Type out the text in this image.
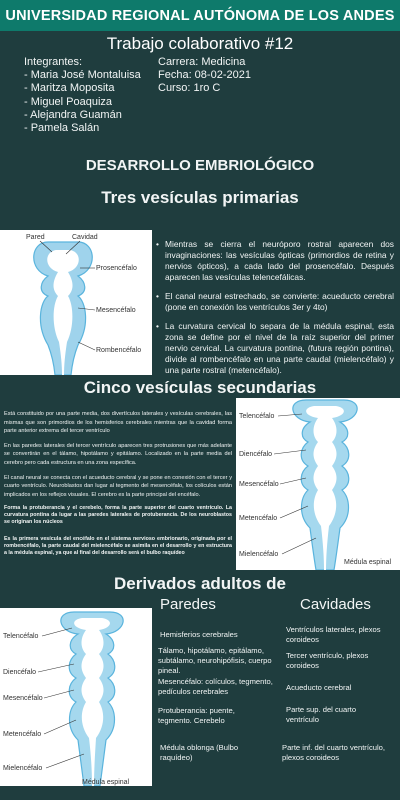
UNIVERSIDAD REGIONAL AUTÓNOMA DE LOS ANDES
Trabajo colaborativo #12
Integrantes:
- Maria José Montaluisa
- Maritza Moposita
- Miguel Poaquiza
- Alejandra Guamán
- Pamela Salán
Carrera: Medicina
Fecha: 08-02-2021
Curso: 1ro C
DESARROLLO EMBRIOLÓGICO
Tres vesículas primarias
Pared	Cavidad
Prosencéfalo
Mesencéfalo
Rombencéfalo
• Mientras se cierra el neuróporo rostral aparecen dos invaginaciones: las vesículas ópticas (primordios de retina y nervios ópticos), a cada lado del prosencéfalo. Después aparecen las vesículas telencefálicas.
• El canal neural estrechado, se convierte: acueducto cerebral (pone en conexión los ventrículos 3er y 4to)
• La curvatura cervical lo separa de la médula espinal, esta zona se define por el nivel de la raíz superior del primer nervio cervical. La curvatura pontina, (futura región pontina), divide al rombencéfalo en una parte caudal (mielencéfalo) y una parte rostral (metencéfalo).
Cinco vesículas secundarias

Está constituido por una parte media, dos divertículos laterales y vesículas cerebrales, las mismas que son primordios de los hemisferios cerebrales mientras que la cavidad forma parte anterior extrema del tercer ventrículo

En las paredes laterales del tercer ventrículo aparecen tres protrusiones que más adelante se convertirán en el tálamo, hipotálamo y epitálamo. Localizado en la parte media del cerebro pero cada estructura en una zona específica.

El canal neural se conecta con el acueducto cerebral y se pone en conexión con el tercer y cuarto ventrículo. Neuroblastos dan lugar al tegmento del mesencéfalo, los colículos están implicados en los reflejos visuales. El cerebro es la parte principal del encéfalo.

Forma la protuberancia y el cerebelo, forma la parte superior del cuarto ventrículo. La curvatura pontina da lugar a las paredes laterales de protuberancia. De los neuroblastos se originan los núcleos

Es la primera vesícula del encéfalo en el sistema nervioso embrionario, originada por el rombencéfalo, la parte caudal del mielencéfalo se asimila en el desarrollo y en estructura a la médula espinal, ya que al final del desarrollo será el bulbo raquídeo

Telencéfalo
Diencéfalo
Mesencéfalo
Metencéfalo
Mielencéfalo
Médula espinal
Derivados adultos de
Paredes	Cavidades
Telencéfalo
Diencéfalo
Mesencéfalo
Metencéfalo
Mielencéfalo
Médula espinal
Hemisferios cerebrales
Tálamo, hipotálamo, epitálamo, subtálamo, neurohipófisis, cuerpo pineal.
Mesencéfalo: colículos, tegmento, pedículos cerebrales
Protuberancia: puente, tegmento. Cerebelo
Médula oblonga (Bulbo raquídeo)
Ventrículos laterales, plexos coroideos
Tercer ventrículo, plexos coroideos
Acueducto cerebral
Parte sup. del cuarto ventrículo
Parte inf. del cuarto ventrículo, plexos coroideos
